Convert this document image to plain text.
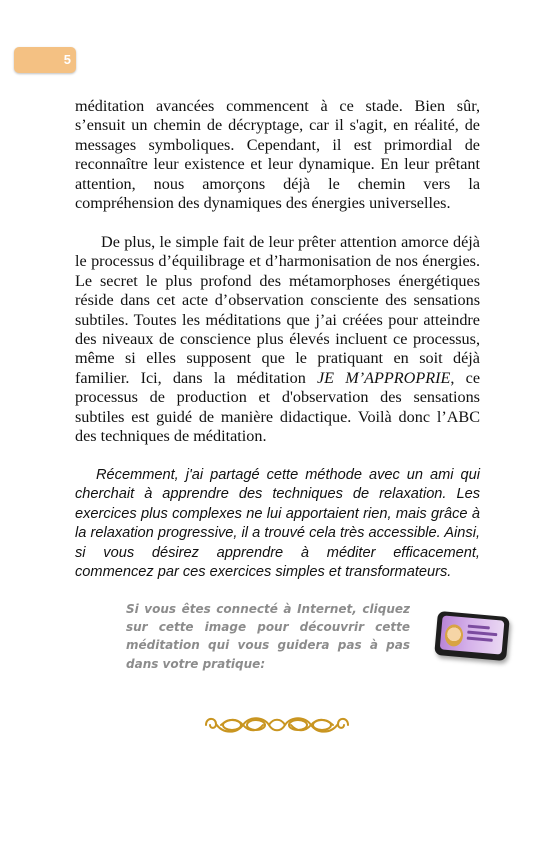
5

méditation avancées commencent à ce stade. Bien sûr, s’ensuit un chemin de décryptage, car il s'agit, en réalité, de messages symboliques. Cependant, il est primordial de reconnaître leur existence et leur dynamique. En leur prêtant attention, nous amorçons déjà le chemin vers la compréhension des dynamiques des énergies universelles.

De plus, le simple fait de leur prêter attention amorce déjà le processus d’équilibrage et d’harmonisation de nos énergies. Le secret le plus profond des métamorphoses énergétiques réside dans cet acte d’observation consciente des sensations subtiles. Toutes les méditations que j’ai créées pour atteindre des niveaux de conscience plus élevés incluent ce processus, même si elles supposent que le pratiquant en soit déjà familier. Ici, dans la méditation JE M’APPROPRIE, ce processus de production et d'observation des sensations subtiles est guidé de manière didactique. Voilà donc l’ABC des techniques de méditation.

Récemment, j'ai partagé cette méthode avec un ami qui cherchait à apprendre des techniques de relaxation. Les exercices plus complexes ne lui apportaient rien, mais grâce à la relaxation progressive, il a trouvé cela très accessible. Ainsi, si vous désirez apprendre à méditer efficacement, commencez par ces exercices simples et transformateurs.

Si vous êtes connecté à Internet, cliquez sur cette image pour découvrir cette méditation qui vous guidera pas à pas dans votre pratique:
